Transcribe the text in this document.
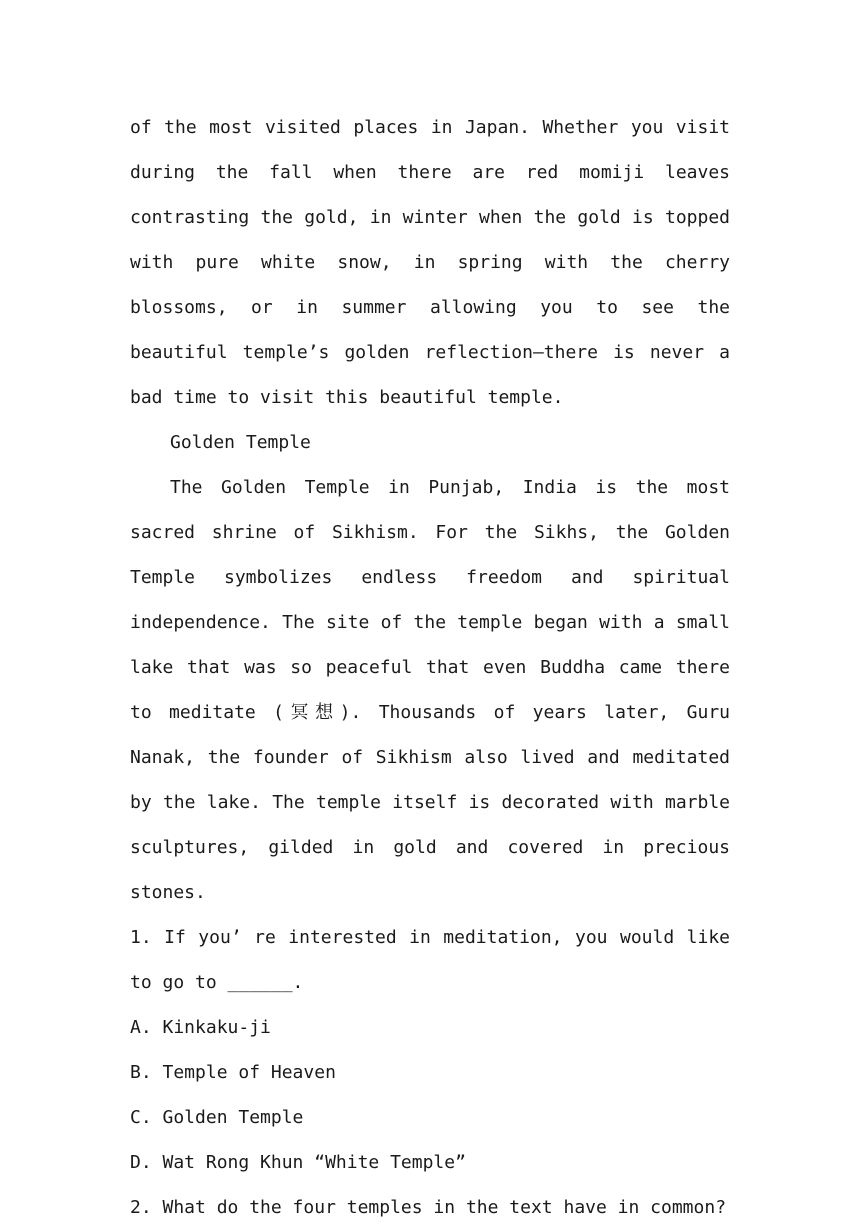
of the most visited places in Japan. Whether you visit during the fall when there are red momiji leaves contrasting the gold, in winter when the gold is topped with pure white snow, in spring with the cherry blossoms, or in summer allowing you to see the beautiful temple’s golden reflection—there is never a bad time to visit this beautiful temple.

Golden Temple

The Golden Temple in Punjab, India is the most sacred shrine of Sikhism. For the Sikhs, the Golden Temple symbolizes endless freedom and spiritual independence. The site of the temple began with a small lake that was so peaceful that even Buddha came there to meditate (冥想). Thousands of years later, Guru Nanak, the founder of Sikhism also lived and meditated by the lake. The temple itself is decorated with marble sculptures, gilded in gold and covered in precious stones.

1. If you’ re interested in meditation, you would like to go to ______.

A. Kinkaku-ji

B. Temple of Heaven

C. Golden Temple

D. Wat Rong Khun “White Temple”

2. What do the four temples in the text have in common?
